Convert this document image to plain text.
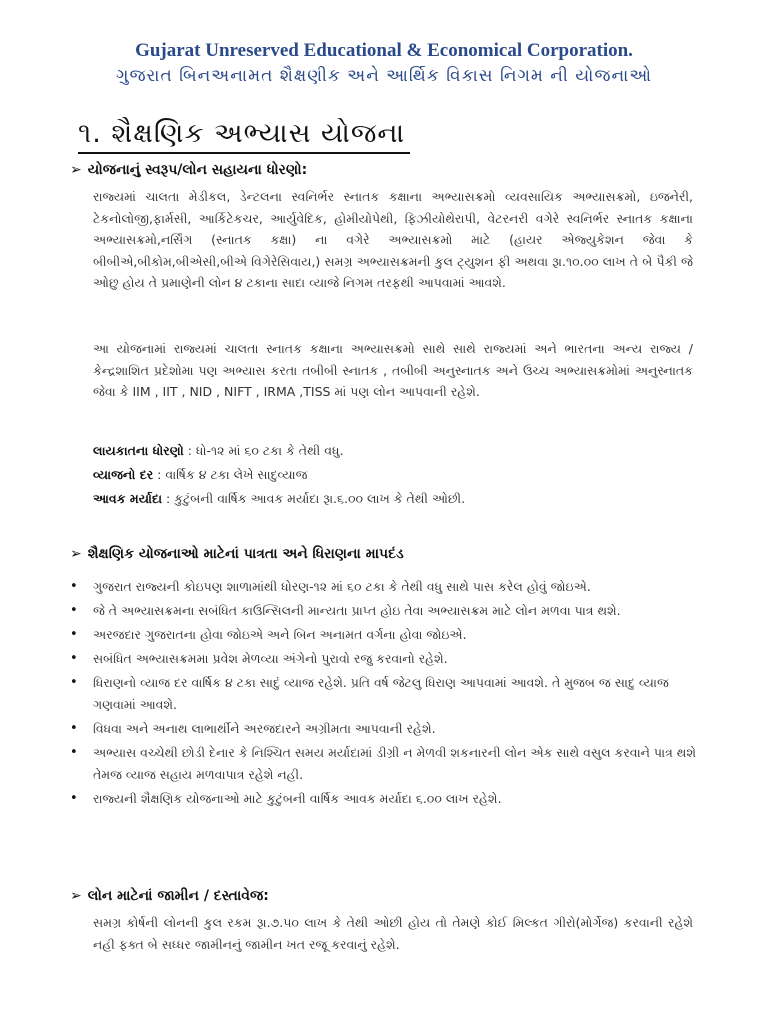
Gujarat Unreserved Educational & Economical Corporation.
ગુજરાત બિનઅનામત શૈક્ષણીક અને આર્થિક વિકાસ નિગમ ની યોજનાઓ
૧. શૈક્ષણિક અભ્યાસ યોજના
➢ યોજનાનું સ્વરૂપ/લોન સહાયના ધોરણો:
રાજ્યમાં ચાલતા મેડીકલ, ડેન્ટલના સ્વનિર્ભર સ્નાતક કક્ષાના અભ્યાસક્રમો વ્યવસાયિક અભ્યાસક્રમો, ઇજનેરી, ટેકનોલોજી,ફાર્મસી, આર્કિટેકચર, આર્યુવેદિક, હોમીયોપેથી, ફિઝીયોથેરાપી, વેટરનરી વગેરે સ્વનિર્ભર સ્નાતક કક્ષાના અભ્યાસક્રમો,નર્સિંગ (સ્નાતક કક્ષા) ના વગેરે અભ્યાસક્રમો માટે (હાયર એજ્યુકેશન જેવા કે બીબીએ,બીકોમ,બીએસી,બીએ વિગેરેસિવાય,) સમગ્ર અભ્યાસક્રમની કુલ ટ્યુશન ફી અથવા રૂા.૧૦.૦૦ લાખ તે બે પૈકી જે ઓછુ હોય તે પ્રમાણેની લોન ૪ ટકાના સાદા વ્યાજે નિગમ તરફથી આપવામાં આવશે.
આ યોજનામાં રાજ્યમાં ચાલતા સ્નાતક કક્ષાના અભ્યાસક્રમો સાથે સાથે રાજ્યમાં અને ભારતના અન્ય રાજ્ય / કેન્દ્રશાશિત પ્રદેશોમા પણ અભ્યાસ કરતા તબીબી સ્નાતક , તબીબી અનુસ્નાતક અને ઉચ્ચ અભ્યાસક્રમોમાં અનુસ્નાતક જેવા કે IIM , IIT , NID , NIFT , IRMA ,TISS માં પણ લોન આપવાની રહેશે.
લાયકાતના ધોરણો : ધો-૧૨ માં ૬૦ ટકા કે તેથી વધુ.
વ્યાજનો દર : વાર્ષિક ૪ ટકા લેખે સાદુવ્યાજ
આવક મર્યાદા : કુટુંબની વાર્ષિક આવક મર્યાદા રૂા.૬.૦૦ લાખ કે તેથી ઓછી.
➢ શૈક્ષણિક યોજનાઓ માટેનાં પાત્રતા અને ધિરાણના માપદંડ
• ગુજરાત રાજ્યની કોઇપણ શાળામાંથી ધોરણ-૧૨ માં ૬૦ ટકા કે તેથી વધુ સાથે પાસ કરેલ હોવું જોઇએ.
• જે તે અભ્યાસક્રમના સબંધિત કાઉન્સિલની માન્યતા પ્રાપ્ત હોઇ તેવા અભ્યાસક્રમ માટે લોન મળવા પાત્ર થશે.
• અરજદાર ગુજરાતના હોવા જોઇએ અને બિન અનામત વર્ગના હોવા જોઇએ.
• સબંધિત અભ્યાસક્રમમા પ્રવેશ મેળવ્યા અંગેનો પુરાવો રજુ કરવાનો રહેશે.
• ધિરાણનો વ્યાજ દર વાર્ષિક ૪ ટકા સાદું વ્યાજ રહેશે. પ્રતિ વર્ષ જેટલુ ધિરાણ આપવામાં આવશે. તે મુજબ જ સાદુ વ્યાજ ગણવામાં આવશે.
• વિધવા અને અનાથ લાભાર્થીને અરજદારને અગ્રીમતા આપવાની રહેશે.
• અભ્યાસ વચ્ચેથી છોડી દેનાર કે નિશ્ચિત સમય મર્યાદામાં ડીગ્રી ન મેળવી શકનારની લોન એક સાથે વસુલ કરવાને પાત્ર થશે તેમજ વ્યાજ સહાય મળવાપાત્ર રહેશે નહી.
• રાજ્યની શૈક્ષણિક યોજનાઓ માટે કુટુંબની વાર્ષિક આવક મર્યાદા ૬.૦૦ લાખ રહેશે.
➢ લોન માટેનાં જામીન / દસ્તાવેજ:
સમગ્ર કોર્ષની લોનની કુલ રકમ રૂા.૭.૫૦ લાખ કે તેથી ઓછી હોય તો તેમણે કોઈ મિલ્કત ગીરો(મોર્ગેજ) કરવાની રહેશે નહી ફક્ત બે સધ્ધર જામીનનું જામીન ખત રજૂ કરવાનું રહેશે.
